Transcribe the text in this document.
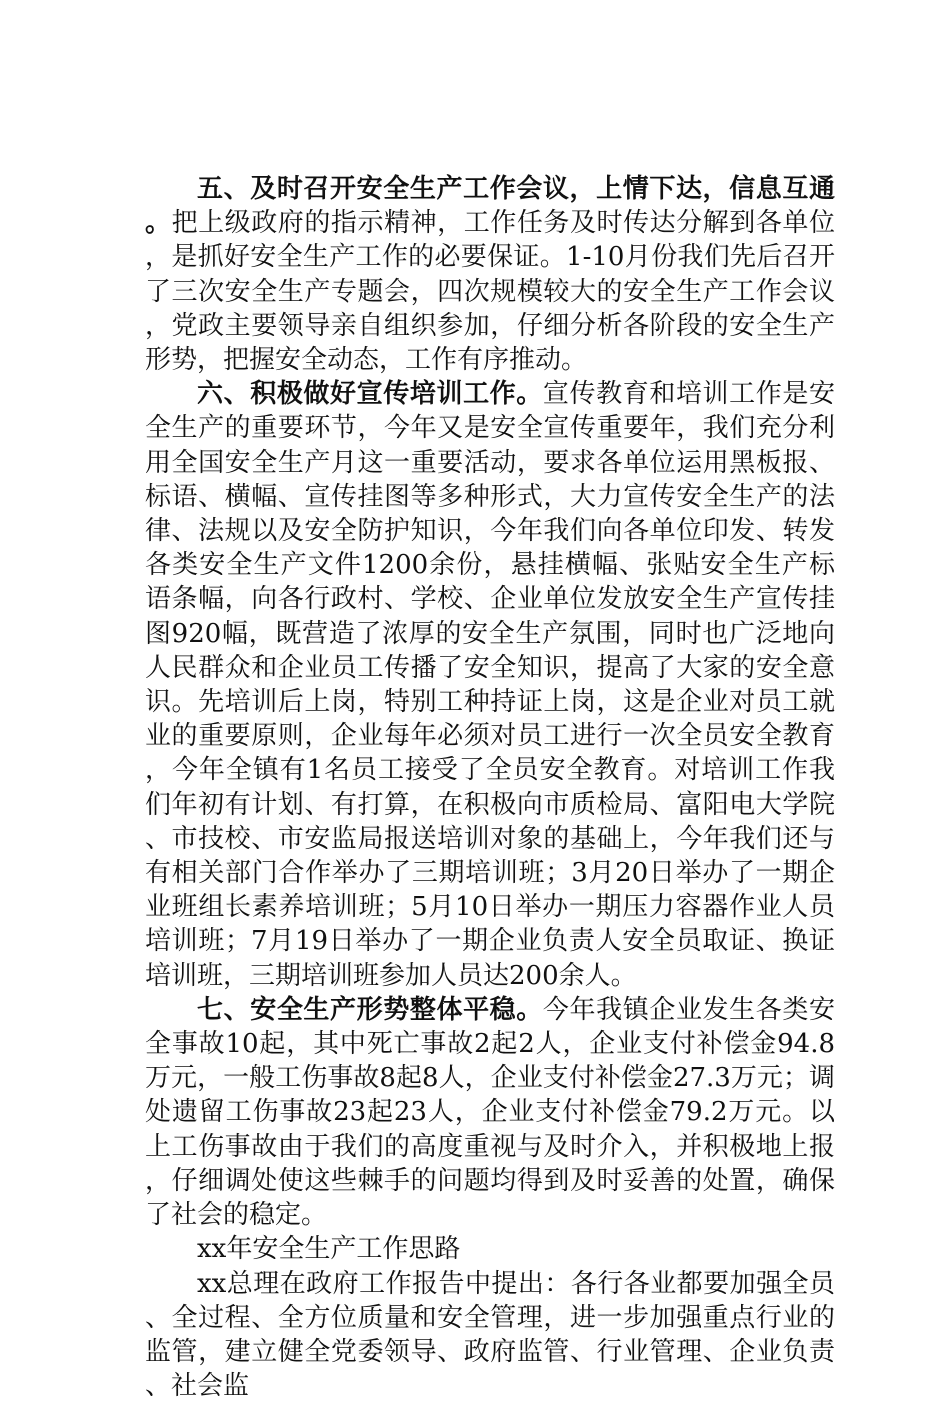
五、及时召开安全生产工作会议，上情下达，信息互通。把上级政府的指示精神，工作任务及时传达分解到各单位，是抓好安全生产工作的必要保证。1-10月份我们先后召开了三次安全生产专题会，四次规模较大的安全生产工作会议，党政主要领导亲自组织参加，仔细分析各阶段的安全生产形势，把握安全动态，工作有序推动。

六、积极做好宣传培训工作。宣传教育和培训工作是安全生产的重要环节，今年又是安全宣传重要年，我们充分利用全国安全生产月这一重要活动，要求各单位运用黑板报、标语、横幅、宣传挂图等多种形式，大力宣传安全生产的法律、法规以及安全防护知识，今年我们向各单位印发、转发各类安全生产文件1200余份，悬挂横幅、张贴安全生产标语条幅，向各行政村、学校、企业单位发放安全生产宣传挂图920幅，既营造了浓厚的安全生产氛围，同时也广泛地向人民群众和企业员工传播了安全知识，提高了大家的安全意识。先培训后上岗，特别工种持证上岗，这是企业对员工就业的重要原则，企业每年必须对员工进行一次全员安全教育，今年全镇有1名员工接受了全员安全教育。对培训工作我们年初有计划、有打算，在积极向市质检局、富阳电大学院、市技校、市安监局报送培训对象的基础上，今年我们还与有相关部门合作举办了三期培训班；3月20日举办了一期企业班组长素养培训班；5月10日举办一期压力容器作业人员培训班；7月19日举办了一期企业负责人安全员取证、换证培训班，三期培训班参加人员达200余人。

七、安全生产形势整体平稳。今年我镇企业发生各类安全事故10起，其中死亡事故2起2人，企业支付补偿金94.8万元，一般工伤事故8起8人，企业支付补偿金27.3万元；调处遗留工伤事故23起23人，企业支付补偿金79.2万元。以上工伤事故由于我们的高度重视与及时介入，并积极地上报，仔细调处使这些棘手的问题均得到及时妥善的处置，确保了社会的稳定。

xx年安全生产工作思路

xx总理在政府工作报告中提出：各行各业都要加强全员、全过程、全方位质量和安全管理，进一步加强重点行业的监管，建立健全党委领导、政府监管、行业管理、企业负责、社会监
